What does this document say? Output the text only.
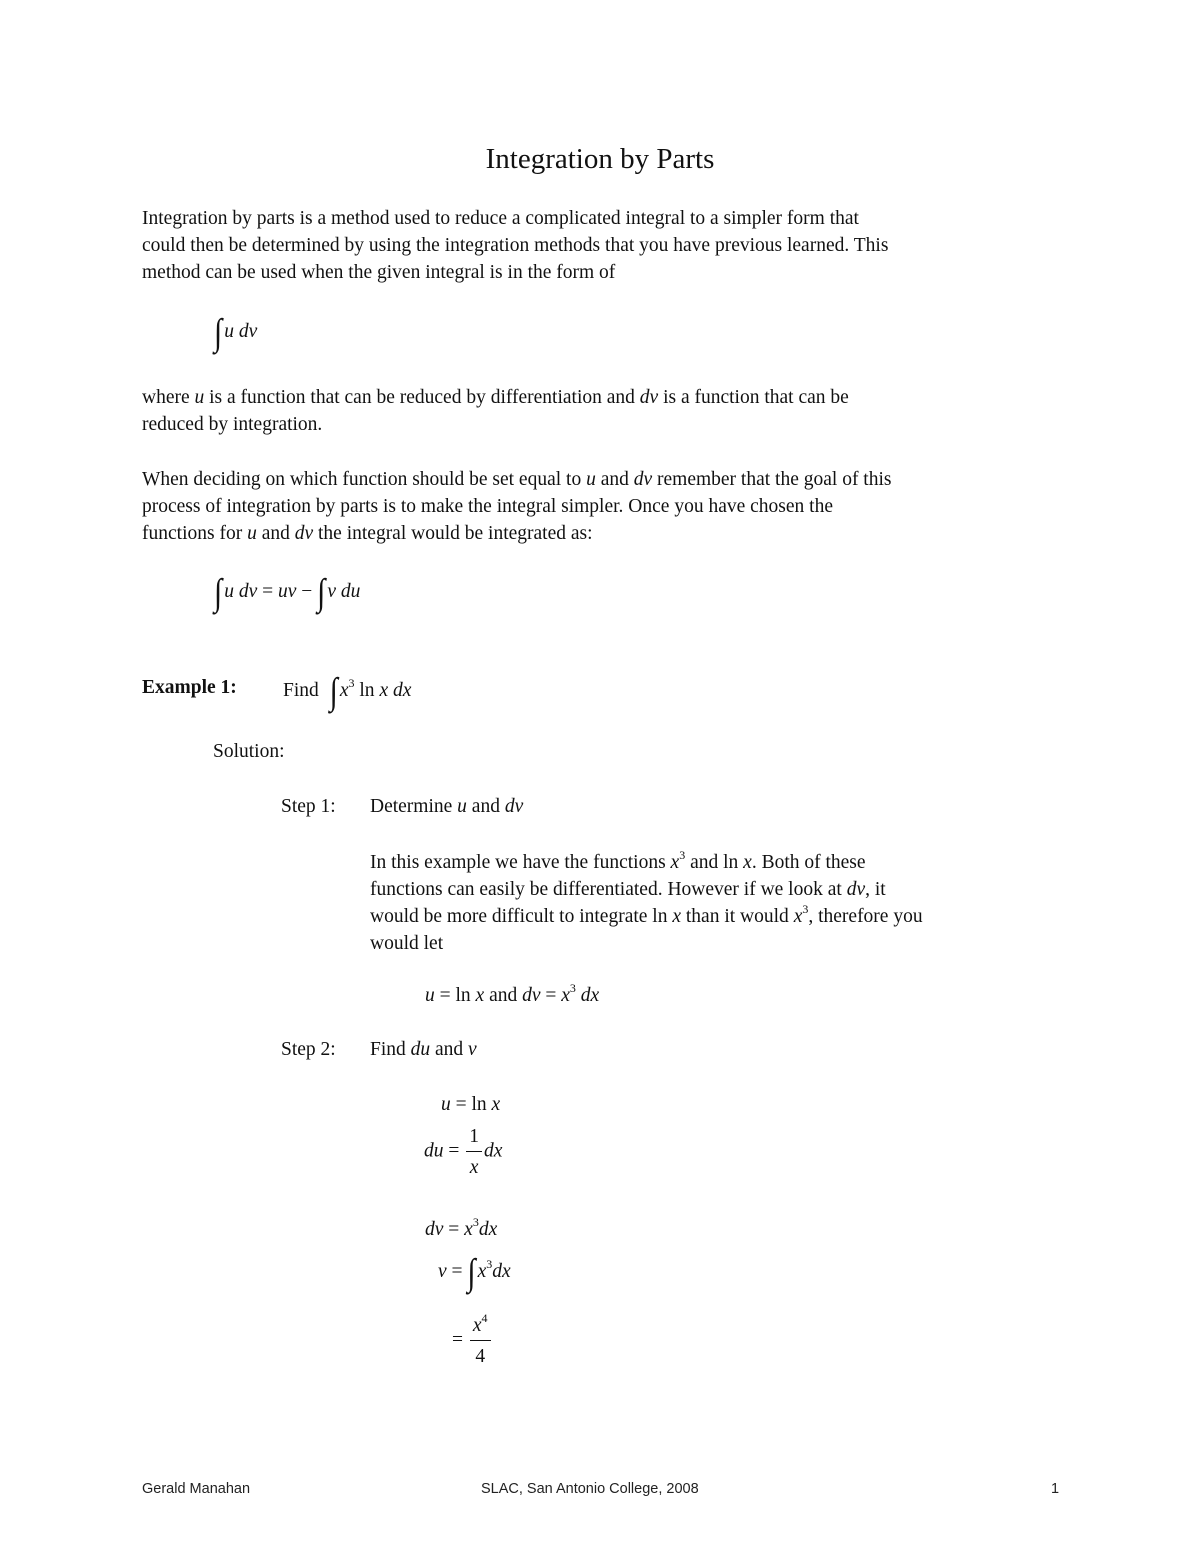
Integration by Parts
Integration by parts is a method used to reduce a complicated integral to a simpler form that
could then be determined by using the integration methods that you have previous learned. This
method can be used when the given integral is in the form of
∫ u dv
where u is a function that can be reduced by differentiation and dv is a function that can be
reduced by integration.
When deciding on which function should be set equal to u and dv remember that the goal of this
process of integration by parts is to make the integral simpler. Once you have chosen the
functions for u and dv the integral would be integrated as:
∫ u dv = uv − ∫ v du
Example 1: Find ∫ $x^3$ ln x dx
Solution:
Step 1: Determine u and dv
In this example we have the functions $x^3$ and ln x. Both of these
functions can easily be differentiated. However if we look at dv, it
would be more difficult to integrate ln x than it would $x^3$, therefore you
would let
u = ln x and dv = $x^3$ dx
Step 2: Find du and v
u = ln x
du = $\frac{1}{x}$ dx
dv = $x^3dx$
v = ∫ $x^3dx$
= $\frac{x^4}{4}$
Gerald Manahan	SLAC, San Antonio College, 2008	1
